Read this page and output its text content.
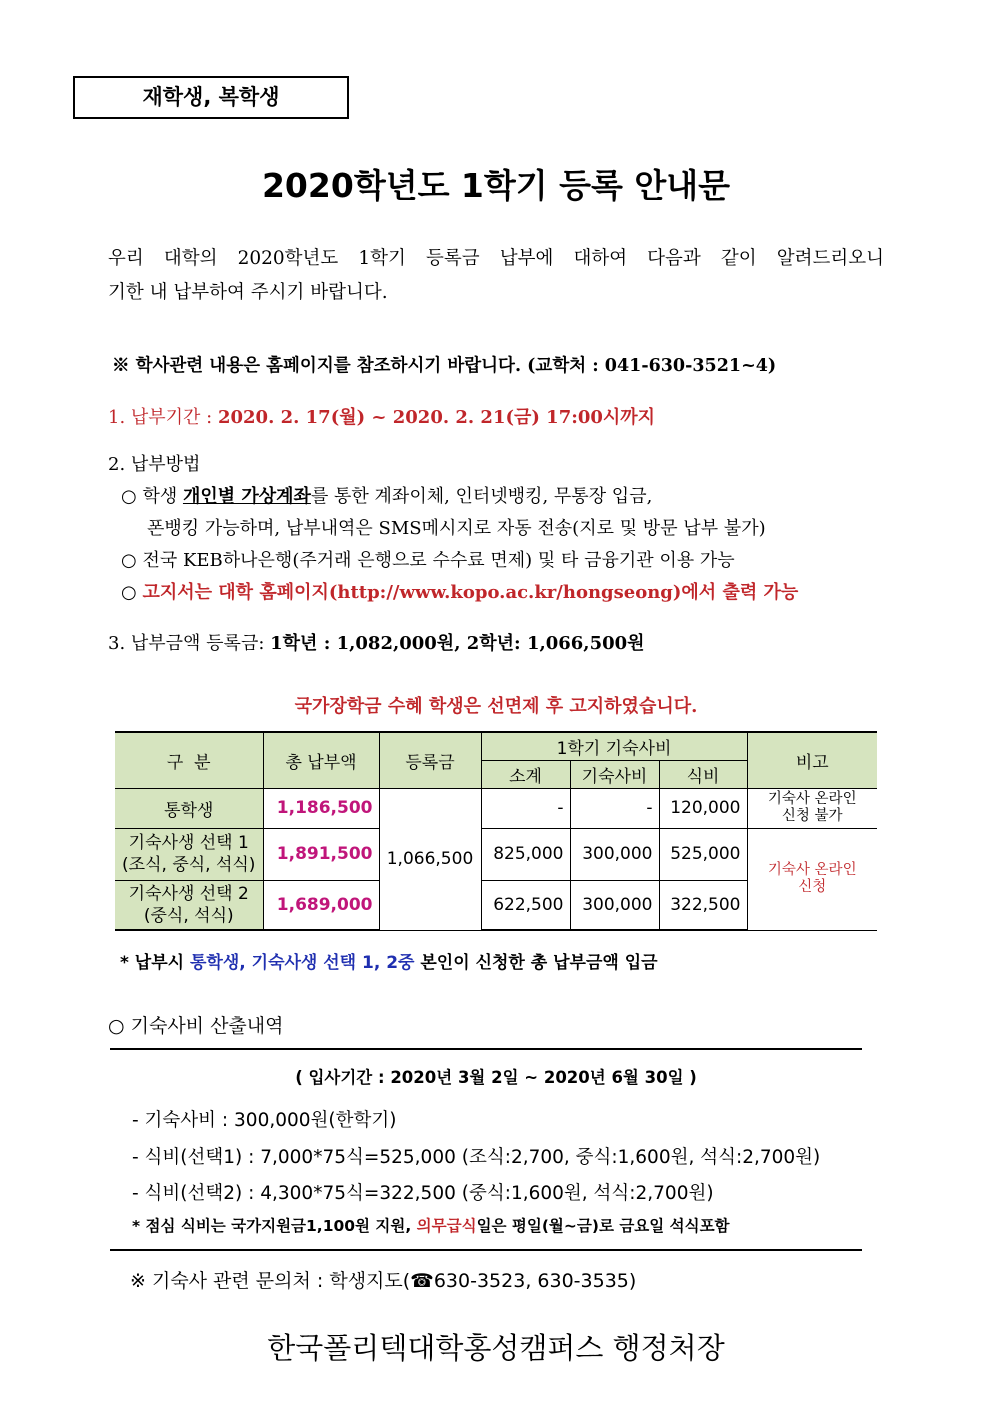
재학생, 복학생
2020학년도 1학기 등록 안내문
우리 대학의 2020학년도 1학기 등록금 납부에 대하여 다음과 같이 알려드리오니
기한 내 납부하여 주시기 바랍니다.
※ 학사관련 내용은 홈페이지를 참조하시기 바랍니다. (교학처 : 041-630-3521~4)
1. 납부기간 : 2020. 2. 17(월) ~ 2020. 2. 21(금) 17:00시까지
2. 납부방법
○ 학생 개인별 가상계좌를 통한 계좌이체, 인터넷뱅킹, 무통장 입금,
폰뱅킹 가능하며, 납부내역은 SMS메시지로 자동 전송(지로 및 방문 납부 불가)
○ 전국 KEB하나은행(주거래 은행으로 수수료 면제) 및 타 금융기관 이용 가능
○ 고지서는 대학 홈페이지(http://www.kopo.ac.kr/hongseong)에서 출력 가능
3. 납부금액 등록금: 1학년 : 1,082,000원, 2학년: 1,066,500원
국가장학금 수혜 학생은 선면제 후 고지하였습니다.
구  분	총 납부액	등록금	1학기 기숙사비			비고
			소계	기숙사비	식비	
통학생	1,186,500	1,066,500	-	-	120,000	기숙사 온라인
신청 불가
기숙사생 선택 1
(조식, 중식, 석식)	1,891,500		825,000	300,000	525,000	기숙사 온라인
신청
기숙사생 선택 2
(중식, 석식)	1,689,000		622,500	300,000	322,500	
* 납부시 통학생, 기숙사생 선택 1, 2중 본인이 신청한 총 납부금액 입금
○ 기숙사비 산출내역
( 입사기간 : 2020년 3월 2일 ~ 2020년 6월 30일 )
- 기숙사비 : 300,000원(한학기)
- 식비(선택1) : 7,000*75식=525,000 (조식:2,700, 중식:1,600원, 석식:2,700원)
- 식비(선택2) : 4,300*75식=322,500 (중식:1,600원, 석식:2,700원)
* 점심 식비는 국가지원금1,100원 지원, 의무급식일은 평일(월~금)로 금요일 석식포함
※ 기숙사 관련 문의처 : 학생지도(☎630-3523, 630-3535)
한국폴리텍대학홍성캠퍼스 행정처장
